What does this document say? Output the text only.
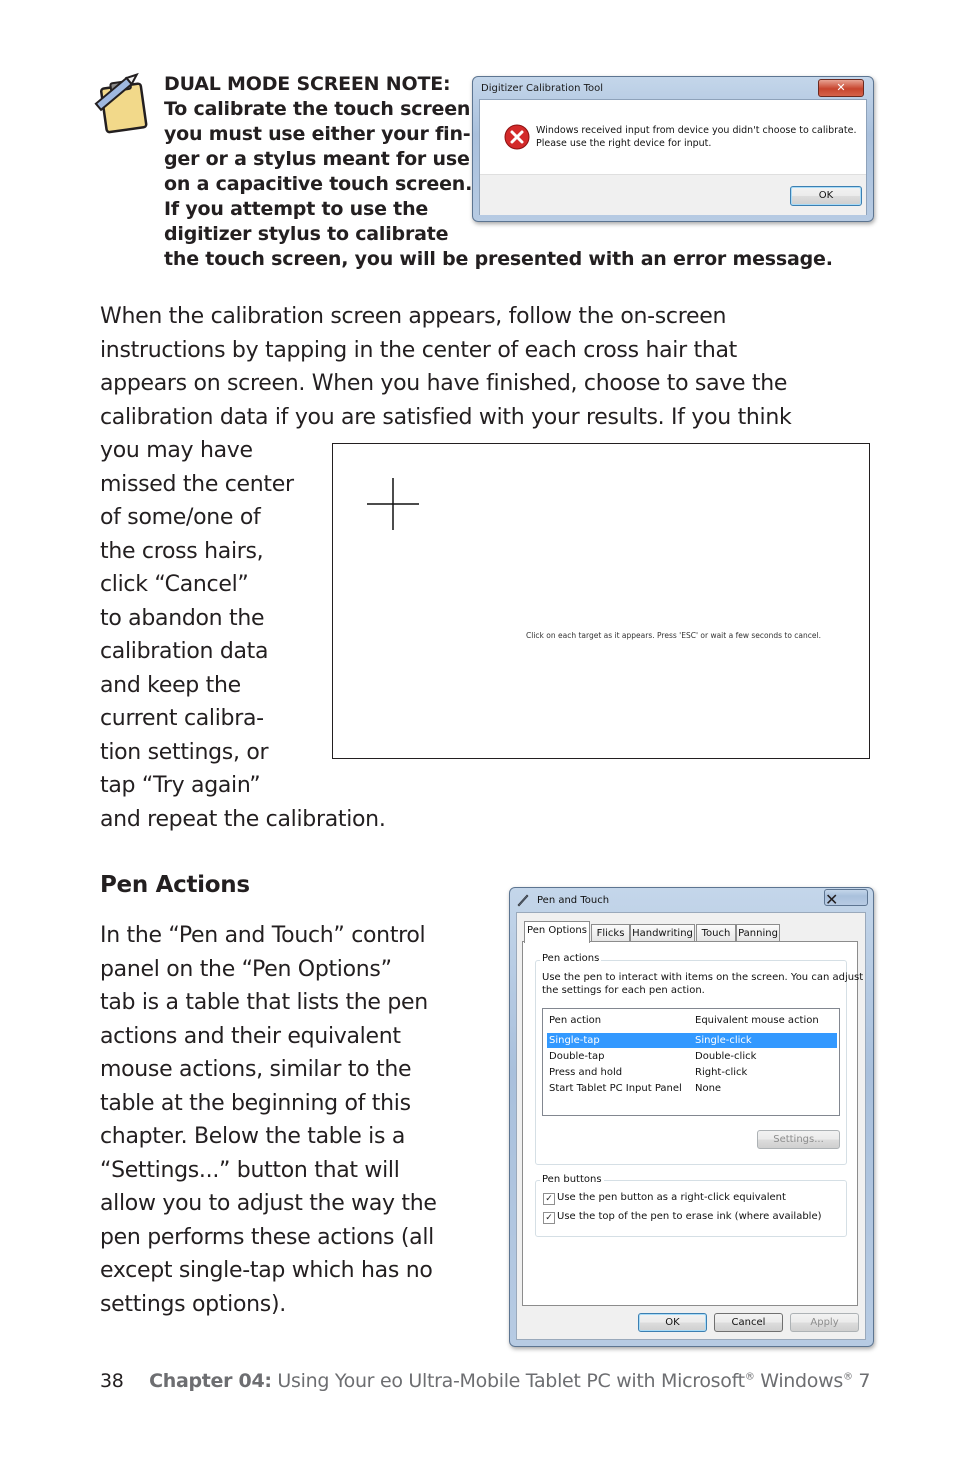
DUAL MODE SCREEN NOTE:
To calibrate the touch screen
you must use either your fin-
ger or a stylus meant for use
on a capacitive touch screen.
If you attempt to use the
digitizer stylus to calibrate
the touch screen, you will be presented with an error message.
Digitizer Calibration Tool	✕
Windows received input from device you didn't choose to calibrate.
Please use the right device for input.
OK
When the calibration screen appears, follow the on-screen
instructions by tapping in the center of each cross hair that
appears on screen. When you have finished, choose to save the
calibration data if you are satisfied with your results. If you think
you may have
missed the center
of some/one of
the cross hairs,
click “Cancel”
to abandon the
calibration data
and keep the
current calibra-
tion settings, or
tap “Try again”
and repeat the calibration.
Click on each target as it appears. Press 'ESC' or wait a few seconds to cancel.
Pen Actions
In the “Pen and Touch” control
panel on the “Pen Options”
tab is a table that lists the pen
actions and their equivalent
mouse actions, similar to the
table at the beginning of this
chapter. Below the table is a
“Settings...” button that will
allow you to adjust the way the
pen performs these actions (all
except single-tap which has no
settings options).
Pen and Touch	✕
Pen Options Flicks Handwriting Touch Panning
Pen actions
Use the pen to interact with items on the screen. You can adjust
the settings for each pen action.
Pen action	Equivalent mouse action
Single-tap	Single-click
Double-tap	Double-click
Press and hold	Right-click
Start Tablet PC Input Panel None
Settings...
Pen buttons
✓ Use the pen button as a right-click equivalent
✓ Use the top of the pen to erase ink (where available)
OK	Cancel	Apply
38 Chapter 04: Using Your eo Ultra-Mobile Tablet PC with Microsoft® Windows® 7
